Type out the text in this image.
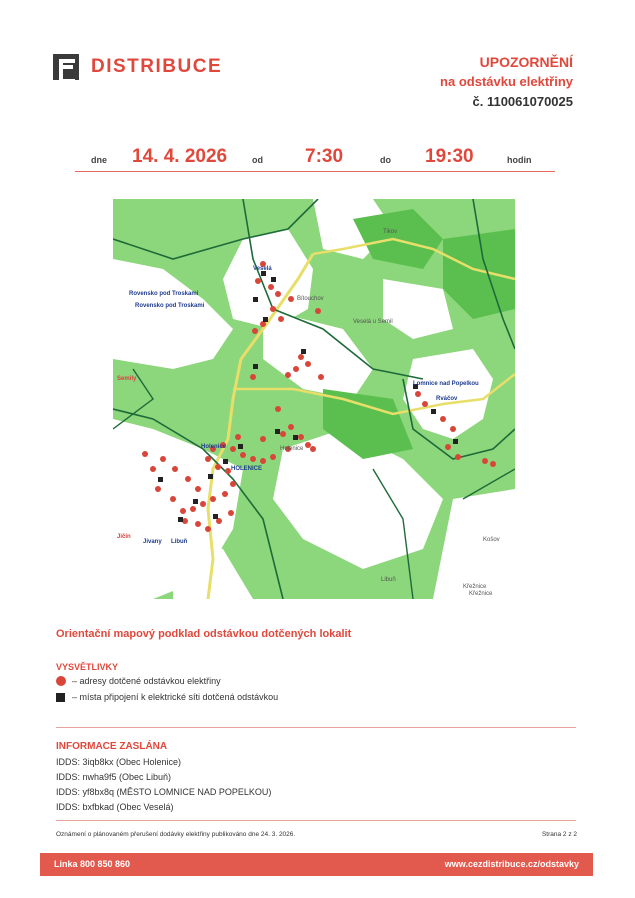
DISTRIBUCE	UPOZORNĚNÍ
na odstávku elektřiny
č. 110061070025
dne 14. 4. 2026	od 7:30	do 19:30	hodin
Veselá
Rovensko pod Troskami
Rovensko pod Troskami
Bítouchov
Veselá u Semil
Semily
Lomnice nad Popelkou
Rváčov
Holenice
HOLENICE
Holenice
Jičín
Jivany Libuň
Libuň
Košov
Křežnice
Křežnice
Tikov
Orientační mapový podklad odstávkou dotčených lokalit
VYSVĚTLIVKY
– adresy dotčené odstávkou elektřiny
– místa připojení k elektrické síti dotčená odstávkou
INFORMACE ZASLÁNA
IDDS: 3iqb8kx (Obec Holenice)
IDDS: nwha9f5 (Obec Libuň)
IDDS: yf8bx8q (MĚSTO LOMNICE NAD POPELKOU)
IDDS: bxfbkad (Obec Veselá)
Oznámení o plánovaném přerušení dodávky elektřiny publikováno dne 24. 3. 2026.	Strana 2 z 2
Linka 800 850 860	www.cezdistribuce.cz/odstavky
